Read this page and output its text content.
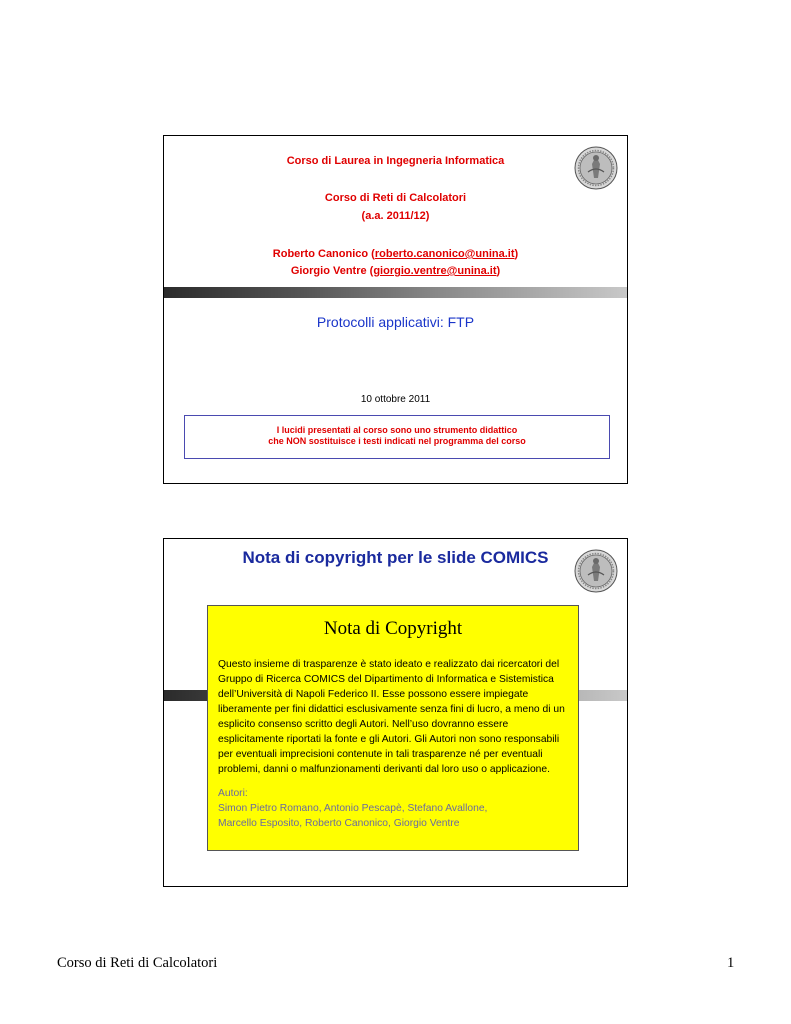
Corso di Laurea in Ingegneria Informatica
Corso di Reti di Calcolatori
(a.a. 2011/12)
Roberto Canonico (roberto.canonico@unina.it)
Giorgio Ventre (giorgio.ventre@unina.it)
Protocolli applicativi: FTP
10 ottobre 2011
I lucidi presentati al corso sono uno strumento didattico
che NON sostituisce i testi indicati nel programma del corso
Nota di copyright per le slide COMICS
Nota di Copyright
Questo insieme di trasparenze è stato ideato e realizzato dai ricercatori del Gruppo di Ricerca COMICS del Dipartimento di Informatica e Sistemistica dell’Università di Napoli Federico II. Esse possono essere impiegate liberamente per fini didattici esclusivamente senza fini di lucro, a meno di un esplicito consenso scritto degli Autori. Nell’uso dovranno essere esplicitamente riportati la fonte e gli Autori. Gli Autori non sono responsabili per eventuali imprecisioni contenute in tali trasparenze né per eventuali problemi, danni o malfunzionamenti derivanti dal loro uso o applicazione.
Autori:
Simon Pietro Romano, Antonio Pescapè, Stefano Avallone,
Marcello Esposito, Roberto Canonico, Giorgio Ventre
Corso di Reti di Calcolatori	1
